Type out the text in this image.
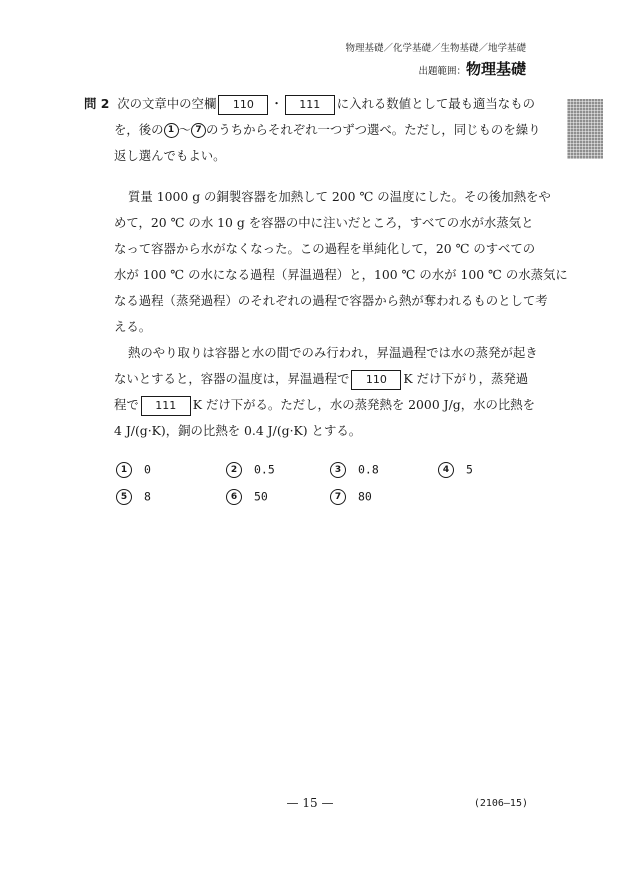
物理基礎／化学基礎／生物基礎／地学基礎
出題範囲：物理基礎
問 2 次の文章中の空欄 110 ・ 111 に入れる数値として最も適当なもの
を，後の 1 ～ 7 のうちからそれぞれ一つずつ選べ。ただし，同じものを繰り
返し選んでもよい。
質量 1000 g の銅製容器を加熱して 200 ℃ の温度にした。その後加熱をや
めて，20 ℃ の水 10 g を容器の中に注いだところ，すべての水が水蒸気と
なって容器から水がなくなった。この過程を単純化して，20 ℃ のすべての
水が 100 ℃ の水になる過程（昇温過程）と，100 ℃ の水が 100 ℃ の水蒸気に
なる過程（蒸発過程）のそれぞれの過程で容器から熱が奪われるものとして考
える。
熱のやり取りは容器と水の間でのみ行われ，昇温過程では水の蒸発が起き
ないとすると，容器の温度は，昇温過程で 110 K だけ下がり，蒸発過
程で 111 K だけ下がる。ただし，水の蒸発熱を 2000 J/g，水の比熱を
4 J/(g·K)，銅の比熱を 0.4 J/(g·K) とする。
1 0	2 0.5	3 0.8	4 5
5 8	6 50	7 80
— 15 —	(2106—15)
